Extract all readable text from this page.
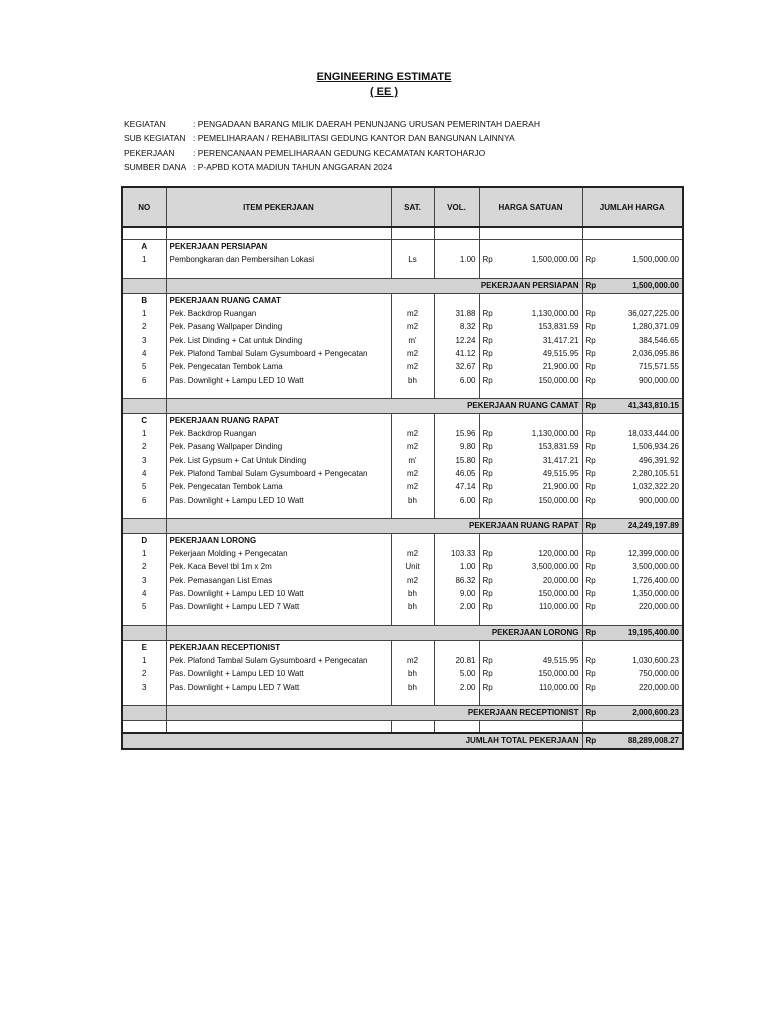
ENGINEERING ESTIMATE
( EE )
KEGIATAN	: PENGADAAN BARANG MILIK DAERAH PENUNJANG URUSAN PEMERINTAH DAERAH
SUB KEGIATAN : PEMELIHARAAN / REHABILITASI GEDUNG KANTOR DAN BANGUNAN LAINNYA
PEKERJAAN	: PERENCANAAN PEMELIHARAAN GEDUNG KECAMATAN KARTOHARJO
SUMBER DANA : P-APBD KOTA MADIUN TAHUN ANGGARAN 2024
NO	ITEM PEKERJAAN	SAT.	VOL.	HARGA SATUAN	JUMLAH HARGA

A	PEKERJAAN PERSIAPAN				
1	Pembongkaran dan Pembersihan Lokasi	Ls	1.00	Rp 1,500,000.00	Rp 1,500,000.00

	PEKERJAAN PERSIAPAN				Rp 1,500,000.00

B	PEKERJAAN RUANG CAMAT				
1	Pek. Backdrop Ruangan	m2	31.88	Rp 1,130,000.00	Rp 36,027,225.00

2	Pek. Pasang Wallpaper Dinding	m2	8.32	Rp 153,831.59	Rp 1,280,371.09

3	Pek. List Dinding + Cat untuk Dinding	m'	12.24	Rp 31,417.21	Rp 384,546.65

4	Pek. Plafond Tambal Sulam Gysumboard + Pengecatan	m2	41.12	Rp 49,515.95	Rp 2,036,095.86

5	Pek. Pengecatan Tembok Lama	m2	32.67	Rp 21,900.00	Rp 715,571.55

6	Pas. Downlight + Lampu LED 10 Watt	bh	6.00	Rp 150,000.00	Rp 900,000.00

	PEKERJAAN RUANG CAMAT				Rp 41,343,810.15

C	PEKERJAAN RUANG RAPAT				
1	Pek. Backdrop Ruangan	m2	15.96	Rp 1,130,000.00	Rp 18,033,444.00

2	Pek. Pasang Wallpaper Dinding	m2	9.80	Rp 153,831.59	Rp 1,506,934.26

3	Pek. List Gypsum + Cat Untuk Dinding	m'	15.80	Rp 31,417.21	Rp 496,391.92

4	Pek. Plafond Tambal Sulam Gysumboard + Pengecatan	m2	46.05	Rp 49,515.95	Rp 2,280,105.51

5	Pek. Pengecatan Tembok Lama	m2	47.14	Rp 21,900.00	Rp 1,032,322.20

6	Pas. Downlight + Lampu LED 10 Watt	bh	6.00	Rp 150,000.00	Rp 900,000.00

	PEKERJAAN RUANG RAPAT				Rp 24,249,197.89

D	PEKERJAAN LORONG				
1	Pekerjaan Molding + Pengecatan	m2	103.33	Rp 120,000.00	Rp 12,399,000.00

2	Pek. Kaca Bevel tbl 1m x 2m	Unit	1.00	Rp 3,500,000.00	Rp 3,500,000.00

3	Pek. Pemasangan List Emas	m2	86.32	Rp 20,000.00	Rp 1,726,400.00

4	Pas. Downlight + Lampu LED 10 Watt	bh	9.00	Rp 150,000.00	Rp 1,350,000.00

5	Pas. Downlight + Lampu LED 7 Watt	bh	2.00	Rp 110,000.00	Rp 220,000.00

	PEKERJAAN LORONG				Rp 19,195,400.00

E	PEKERJAAN RECEPTIONIST				
1	Pek. Plafond Tambal Sulam Gysumboard + Pengecatan	m2	20.81	Rp 49,515.95	Rp 1,030,600.23

2	Pas. Downlight + Lampu LED 10 Watt	bh	5.00	Rp 150,000.00	Rp 750,000.00

3	Pas. Downlight + Lampu LED 7 Watt	bh	2.00	Rp 110,000.00	Rp 220,000.00

	PEKERJAAN RECEPTIONIST				Rp 2,000,600.23

JUMLAH TOTAL PEKERJAAN					Rp 88,289,008.27
